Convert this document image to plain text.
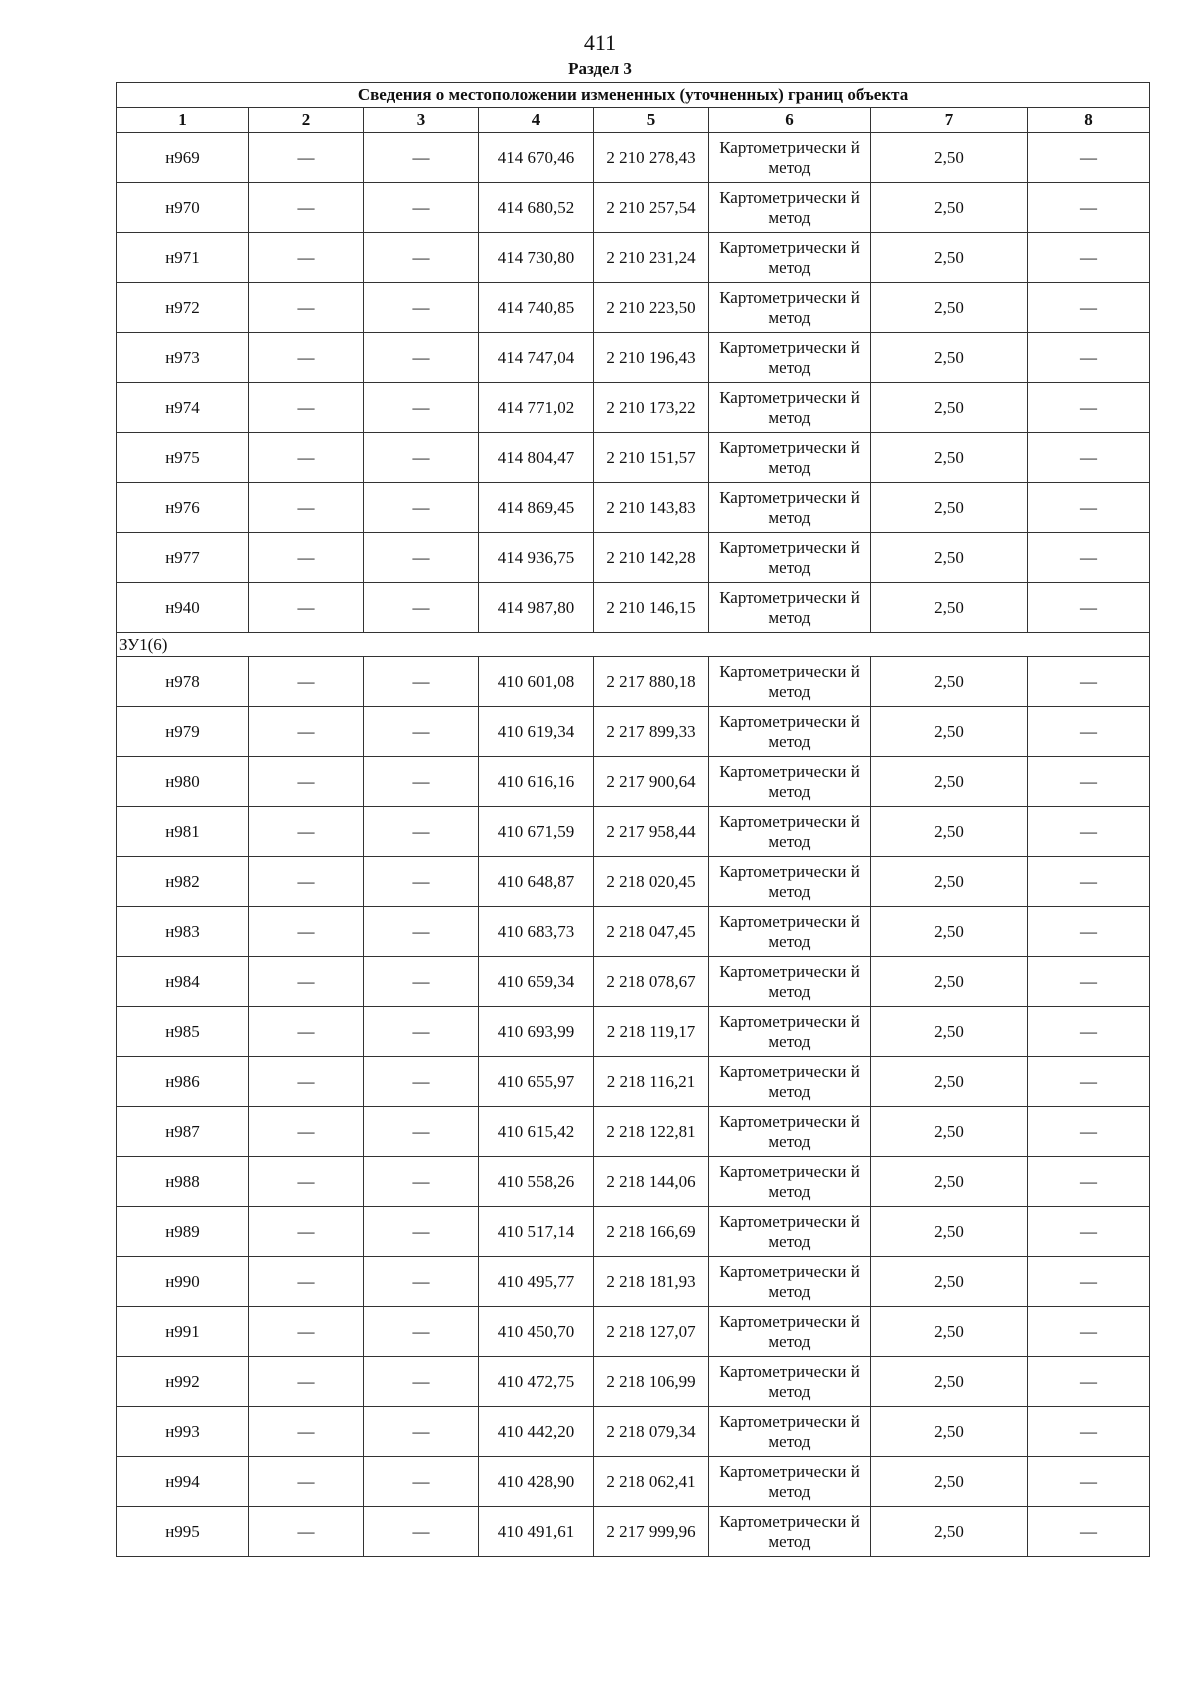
411
Раздел 3
Сведения о местоположении измененных (уточненных) границ объекта							
1	2	3	4	5	6	7	8
н969	—	—	414 670,46	2 210 278,43	Картометрически й метод	2,50	—
н970	—	—	414 680,52	2 210 257,54	Картометрически й метод	2,50	—
н971	—	—	414 730,80	2 210 231,24	Картометрически й метод	2,50	—
н972	—	—	414 740,85	2 210 223,50	Картометрически й метод	2,50	—
н973	—	—	414 747,04	2 210 196,43	Картометрически й метод	2,50	—
н974	—	—	414 771,02	2 210 173,22	Картометрически й метод	2,50	—
н975	—	—	414 804,47	2 210 151,57	Картометрически й метод	2,50	—
н976	—	—	414 869,45	2 210 143,83	Картометрически й метод	2,50	—
н977	—	—	414 936,75	2 210 142,28	Картометрически й метод	2,50	—
н940	—	—	414 987,80	2 210 146,15	Картометрически й метод	2,50	—
ЗУ1(6)							
н978	—	—	410 601,08	2 217 880,18	Картометрически й метод	2,50	—
н979	—	—	410 619,34	2 217 899,33	Картометрически й метод	2,50	—
н980	—	—	410 616,16	2 217 900,64	Картометрически й метод	2,50	—
н981	—	—	410 671,59	2 217 958,44	Картометрически й метод	2,50	—
н982	—	—	410 648,87	2 218 020,45	Картометрически й метод	2,50	—
н983	—	—	410 683,73	2 218 047,45	Картометрически й метод	2,50	—
н984	—	—	410 659,34	2 218 078,67	Картометрически й метод	2,50	—
н985	—	—	410 693,99	2 218 119,17	Картометрически й метод	2,50	—
н986	—	—	410 655,97	2 218 116,21	Картометрически й метод	2,50	—
н987	—	—	410 615,42	2 218 122,81	Картометрически й метод	2,50	—
н988	—	—	410 558,26	2 218 144,06	Картометрически й метод	2,50	—
н989	—	—	410 517,14	2 218 166,69	Картометрически й метод	2,50	—
н990	—	—	410 495,77	2 218 181,93	Картометрически й метод	2,50	—
н991	—	—	410 450,70	2 218 127,07	Картометрически й метод	2,50	—
н992	—	—	410 472,75	2 218 106,99	Картометрически й метод	2,50	—
н993	—	—	410 442,20	2 218 079,34	Картометрически й метод	2,50	—
н994	—	—	410 428,90	2 218 062,41	Картометрически й метод	2,50	—
н995	—	—	410 491,61	2 217 999,96	Картометрически й метод	2,50	—
